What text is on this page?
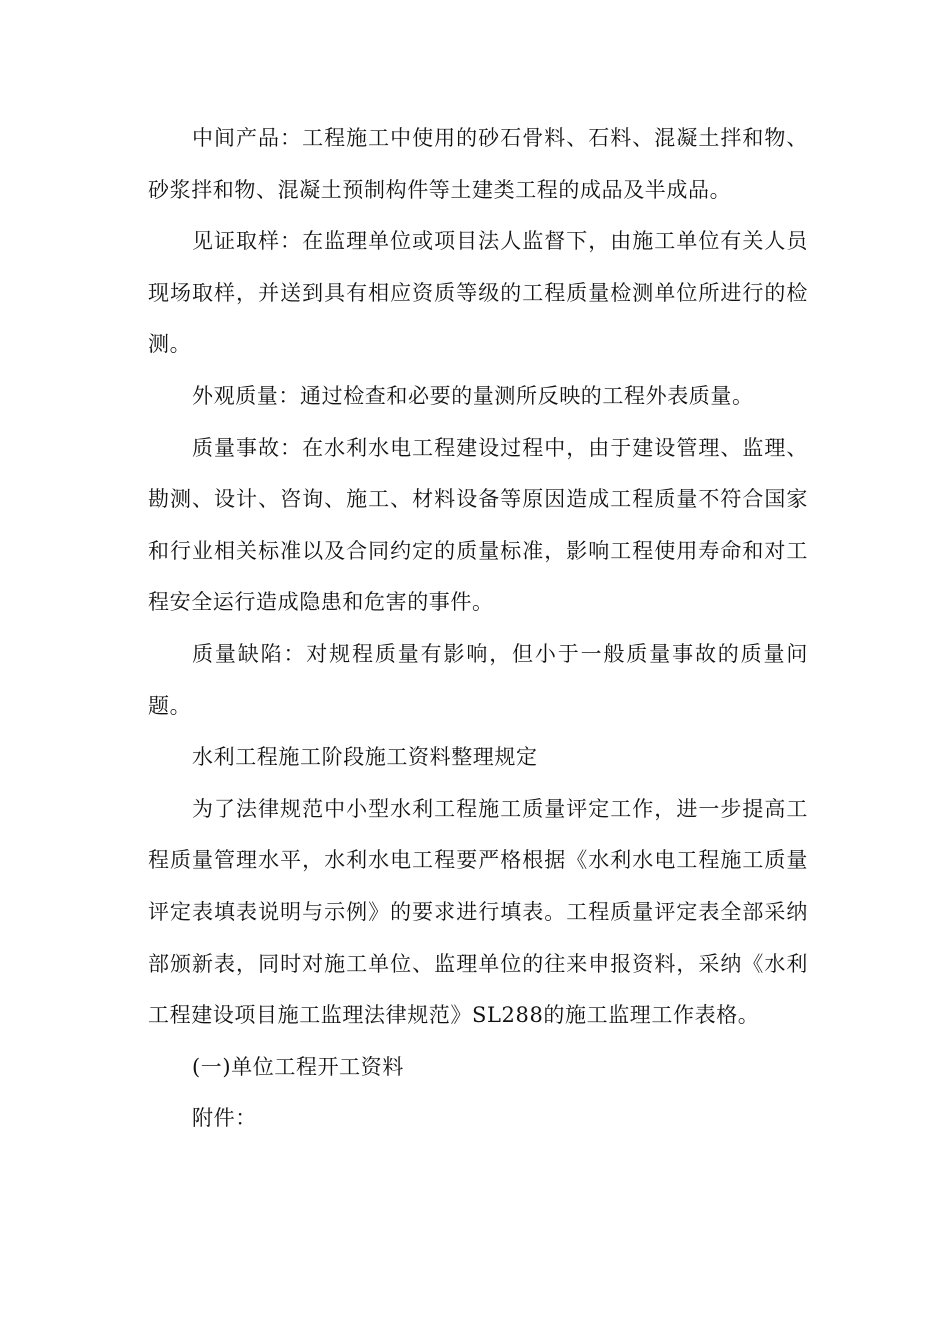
中间产品：工程施工中使用的砂石骨料、石料、混凝土拌和物、砂浆拌和物、混凝土预制构件等土建类工程的成品及半成品。

见证取样：在监理单位或项目法人监督下，由施工单位有关人员现场取样，并送到具有相应资质等级的工程质量检测单位所进行的检测。

外观质量：通过检查和必要的量测所反映的工程外表质量。

质量事故：在水利水电工程建设过程中，由于建设管理、监理、勘测、设计、咨询、施工、材料设备等原因造成工程质量不符合国家和行业相关标准以及合同约定的质量标准，影响工程使用寿命和对工程安全运行造成隐患和危害的事件。

质量缺陷：对规程质量有影响，但小于一般质量事故的质量问题。

水利工程施工阶段施工资料整理规定

为了法律规范中小型水利工程施工质量评定工作，进一步提高工程质量管理水平，水利水电工程要严格根据《水利水电工程施工质量评定表填表说明与示例》的要求进行填表。工程质量评定表全部采纳部颁新表，同时对施工单位、监理单位的往来申报资料，采纳《水利工程建设项目施工监理法律规范》SL288的施工监理工作表格。

(一)单位工程开工资料

附件：
